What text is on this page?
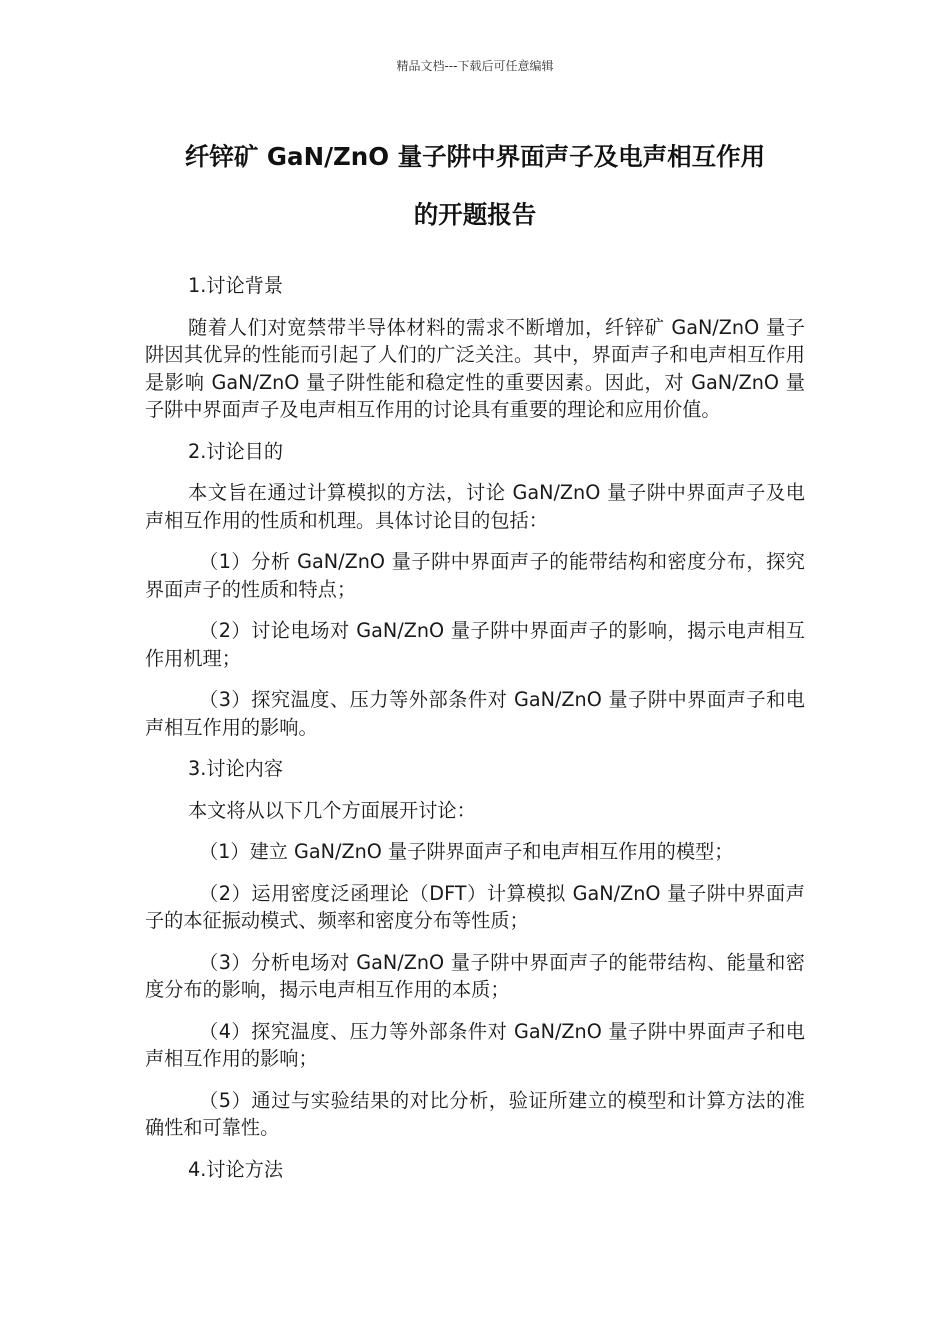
精品文档---下载后可任意编辑
纤锌矿 GaN/ZnO 量子阱中界面声子及电声相互作用
的开题报告

1.讨论背景

随着人们对宽禁带半导体材料的需求不断增加，纤锌矿 GaN/ZnO 量子阱因其优异的性能而引起了人们的广泛关注。其中，界面声子和电声相互作用是影响 GaN/ZnO 量子阱性能和稳定性的重要因素。因此，对 GaN/ZnO 量子阱中界面声子及电声相互作用的讨论具有重要的理论和应用价值。

2.讨论目的

本文旨在通过计算模拟的方法，讨论 GaN/ZnO 量子阱中界面声子及电声相互作用的性质和机理。具体讨论目的包括：

（1）分析 GaN/ZnO 量子阱中界面声子的能带结构和密度分布，探究界面声子的性质和特点；

（2）讨论电场对 GaN/ZnO 量子阱中界面声子的影响，揭示电声相互作用机理；

（3）探究温度、压力等外部条件对 GaN/ZnO 量子阱中界面声子和电声相互作用的影响。

3.讨论内容

本文将从以下几个方面展开讨论：

（1）建立 GaN/ZnO 量子阱界面声子和电声相互作用的模型；

（2）运用密度泛函理论（DFT）计算模拟 GaN/ZnO 量子阱中界面声子的本征振动模式、频率和密度分布等性质；

（3）分析电场对 GaN/ZnO 量子阱中界面声子的能带结构、能量和密度分布的影响，揭示电声相互作用的本质；

（4）探究温度、压力等外部条件对 GaN/ZnO 量子阱中界面声子和电声相互作用的影响；

（5）通过与实验结果的对比分析，验证所建立的模型和计算方法的准确性和可靠性。

4.讨论方法
